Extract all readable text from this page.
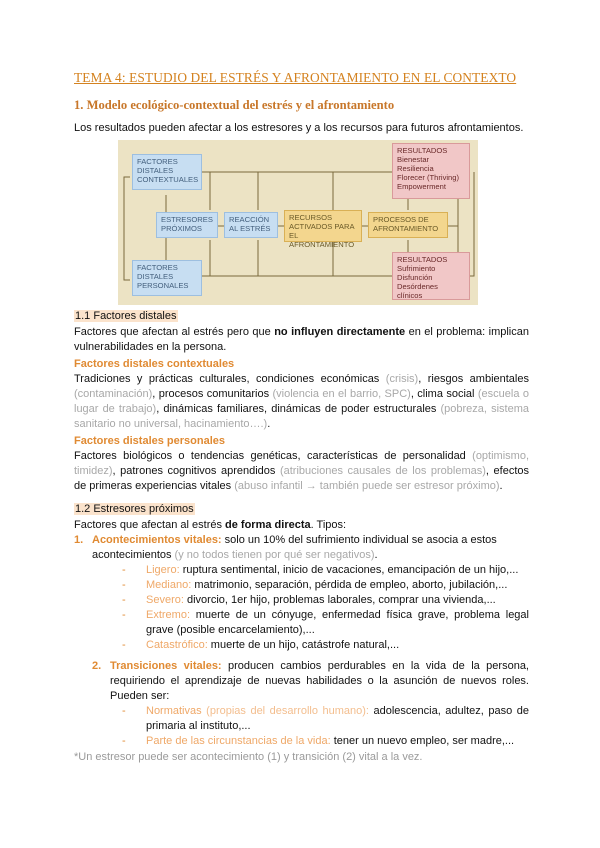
TEMA 4: ESTUDIO DEL ESTRÉS Y AFRONTAMIENTO EN EL CONTEXTO
1. Modelo ecológico-contextual del estrés y el afrontamiento
Los resultados pueden afectar a los estresores y a los recursos para futuros afrontamientos.
FACTORES
DISTALES
CONTEXTUALES
FACTORES
DISTALES
PERSONALES
ESTRESORES
PRÓXIMOS
REACCIÓN
AL ESTRÉS
RECURSOS
ACTIVADOS PARA EL
AFRONTAMIENTO
PROCESOS DE
AFRONTAMIENTO
RESULTADOS
Bienestar
Resiliencia
Florecer (Thriving)
Empowerment
RESULTADOS
Sufrimiento
Disfunción
Desórdenes clínicos
1.1 Factores distales
Factores que afectan al estrés pero que no influyen directamente en el problema: implican vulnerabilidades en la persona.
Factores distales contextuales
Tradiciones y prácticas culturales, condiciones económicas (crisis), riesgos ambientales (contaminación), procesos comunitarios (violencia en el barrio, SPC), clima social (escuela o lugar de trabajo), dinámicas familiares, dinámicas de poder estructurales (pobreza, sistema sanitario no universal, hacinamiento….).
Factores distales personales
Factores biológicos o tendencias genéticas, características de personalidad (optimismo, timidez), patrones cognitivos aprendidos (atribuciones causales de los problemas), efectos de primeras experiencias vitales (abuso infantil → también puede ser estresor próximo).
1.2 Estresores próximos
Factores que afectan al estrés de forma directa. Tipos:
1. Acontecimientos vitales: solo un 10% del sufrimiento individual se asocia a estos acontecimientos (y no todos tienen por qué ser negativos).
- Ligero: ruptura sentimental, inicio de vacaciones, emancipación de un hijo,...
- Mediano: matrimonio, separación, pérdida de empleo, aborto, jubilación,...
- Severo: divorcio, 1er hijo, problemas laborales, comprar una vivienda,...
- Extremo: muerte de un cónyuge, enfermedad física grave, problema legal grave (posible encarcelamiento),...
- Catastrófico: muerte de un hijo, catástrofe natural,...
2. Transiciones vitales: producen cambios perdurables en la vida de la persona, requiriendo el aprendizaje de nuevas habilidades o la asunción de nuevos roles. Pueden ser:
- Normativas (propias del desarrollo humano): adolescencia, adultez, paso de primaria al instituto,...
- Parte de las circunstancias de la vida: tener un nuevo empleo, ser madre,...
*Un estresor puede ser acontecimiento (1) y transición (2) vital a la vez.
